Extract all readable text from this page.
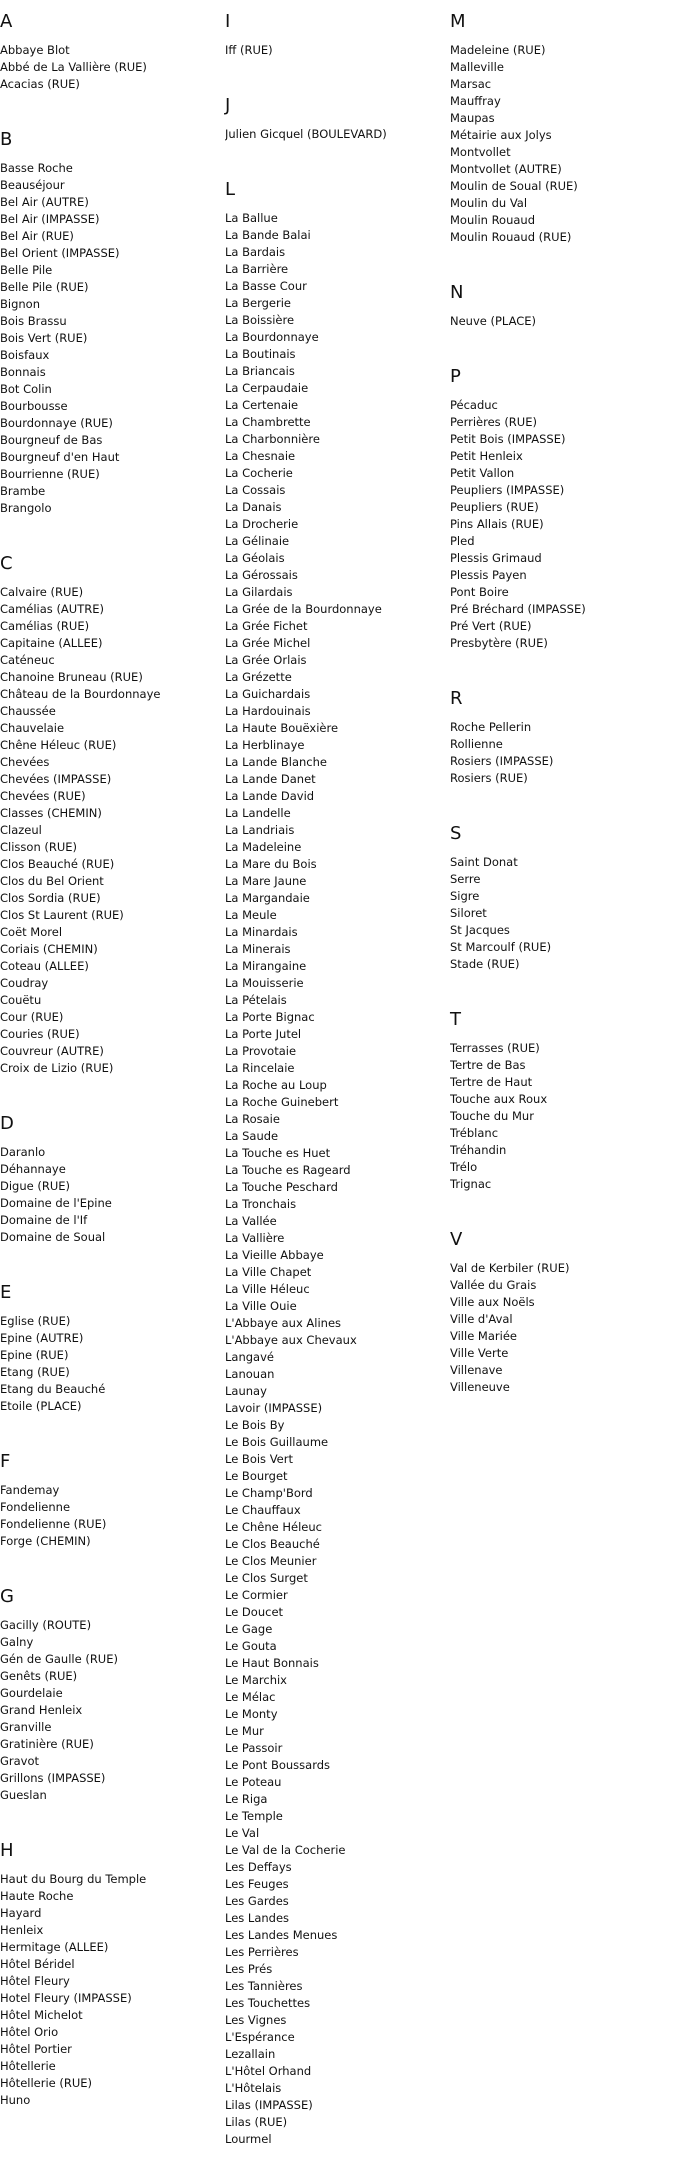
A
Abbaye Blot
Abbé de La Vallière (RUE)
Acacias (RUE)
B
Basse Roche
Beauséjour
Bel Air (AUTRE)
Bel Air (IMPASSE)
Bel Air (RUE)
Bel Orient (IMPASSE)
Belle Pile
Belle Pile (RUE)
Bignon
Bois Brassu
Bois Vert (RUE)
Boisfaux
Bonnais
Bot Colin
Bourbousse
Bourdonnaye (RUE)
Bourgneuf de Bas
Bourgneuf d'en Haut
Bourrienne (RUE)
Brambe
Brangolo
C
Calvaire (RUE)
Camélias (AUTRE)
Camélias (RUE)
Capitaine (ALLEE)
Caténeuc
Chanoine Bruneau (RUE)
Château de la Bourdonnaye
Chaussée
Chauvelaie
Chêne Héleuc (RUE)
Chevées
Chevées (IMPASSE)
Chevées (RUE)
Classes (CHEMIN)
Clazeul
Clisson (RUE)
Clos Beauché (RUE)
Clos du Bel Orient
Clos Sordia (RUE)
Clos St Laurent (RUE)
Coët Morel
Coriais (CHEMIN)
Coteau (ALLEE)
Coudray
Couëtu
Cour (RUE)
Couries (RUE)
Couvreur (AUTRE)
Croix de Lizio (RUE)
D
Daranlo
Déhannaye
Digue (RUE)
Domaine de l'Epine
Domaine de l'If
Domaine de Soual
E
Eglise (RUE)
Epine (AUTRE)
Epine (RUE)
Etang (RUE)
Etang du Beauché
Etoile (PLACE)
F
Fandemay
Fondelienne
Fondelienne (RUE)
Forge (CHEMIN)
G
Gacilly (ROUTE)
Galny
Gén de Gaulle (RUE)
Genêts (RUE)
Gourdelaie
Grand Henleix
Granville
Gratinière (RUE)
Gravot
Grillons (IMPASSE)
Gueslan
H
Haut du Bourg du Temple
Haute Roche
Hayard
Henleix
Hermitage (ALLEE)
Hôtel Béridel
Hôtel Fleury
Hotel Fleury (IMPASSE)
Hôtel Michelot
Hôtel Orio
Hôtel Portier
Hôtellerie
Hôtellerie (RUE)
Huno
I
Iff (RUE)
J
Julien Gicquel (BOULEVARD)
L
La Ballue
La Bande Balai
La Bardais
La Barrière
La Basse Cour
La Bergerie
La Boissière
La Bourdonnaye
La Boutinais
La Briancais
La Cerpaudaie
La Certenaie
La Chambrette
La Charbonnière
La Chesnaie
La Cocherie
La Cossais
La Danais
La Drocherie
La Gélinaie
La Géolais
La Gérossais
La Gilardais
La Grée de la Bourdonnaye
La Grée Fichet
La Grée Michel
La Grée Orlais
La Grézette
La Guichardais
La Hardouinais
La Haute Bouëxière
La Herblinaye
La Lande Blanche
La Lande Danet
La Lande David
La Landelle
La Landriais
La Madeleine
La Mare du Bois
La Mare Jaune
La Margandaie
La Meule
La Minardais
La Minerais
La Mirangaine
La Mouisserie
La Pételais
La Porte Bignac
La Porte Jutel
La Provotaie
La Rincelaie
La Roche au Loup
La Roche Guinebert
La Rosaie
La Saude
La Touche es Huet
La Touche es Rageard
La Touche Peschard
La Tronchais
La Vallée
La Vallière
La Vieille Abbaye
La Ville Chapet
La Ville Héleuc
La Ville Ouie
L'Abbaye aux Alines
L'Abbaye aux Chevaux
Langavé
Lanouan
Launay
Lavoir (IMPASSE)
Le Bois By
Le Bois Guillaume
Le Bois Vert
Le Bourget
Le Champ'Bord
Le Chauffaux
Le Chêne Héleuc
Le Clos Beauché
Le Clos Meunier
Le Clos Surget
Le Cormier
Le Doucet
Le Gage
Le Gouta
Le Haut Bonnais
Le Marchix
Le Mélac
Le Monty
Le Mur
Le Passoir
Le Pont Boussards
Le Poteau
Le Riga
Le Temple
Le Val
Le Val de la Cocherie
Les Deffays
Les Feuges
Les Gardes
Les Landes
Les Landes Menues
Les Perrières
Les Prés
Les Tannières
Les Touchettes
Les Vignes
L'Espérance
Lezallain
L'Hôtel Orhand
L'Hôtelais
Lilas (IMPASSE)
Lilas (RUE)
Lourmel
M
Madeleine (RUE)
Malleville
Marsac
Mauffray
Maupas
Métairie aux Jolys
Montvollet
Montvollet (AUTRE)
Moulin de Soual (RUE)
Moulin du Val
Moulin Rouaud
Moulin Rouaud (RUE)
N
Neuve (PLACE)
P
Pécaduc
Perrières (RUE)
Petit Bois (IMPASSE)
Petit Henleix
Petit Vallon
Peupliers (IMPASSE)
Peupliers (RUE)
Pins Allais (RUE)
Pled
Plessis Grimaud
Plessis Payen
Pont Boire
Pré Bréchard (IMPASSE)
Pré Vert (RUE)
Presbytère (RUE)
R
Roche Pellerin
Rollienne
Rosiers (IMPASSE)
Rosiers (RUE)
S
Saint Donat
Serre
Sigre
Siloret
St Jacques
St Marcoulf (RUE)
Stade (RUE)
T
Terrasses (RUE)
Tertre de Bas
Tertre de Haut
Touche aux Roux
Touche du Mur
Tréblanc
Tréhandin
Trélo
Trignac
V
Val de Kerbiler (RUE)
Vallée du Grais
Ville aux Noëls
Ville d'Aval
Ville Mariée
Ville Verte
Villenave
Villeneuve
